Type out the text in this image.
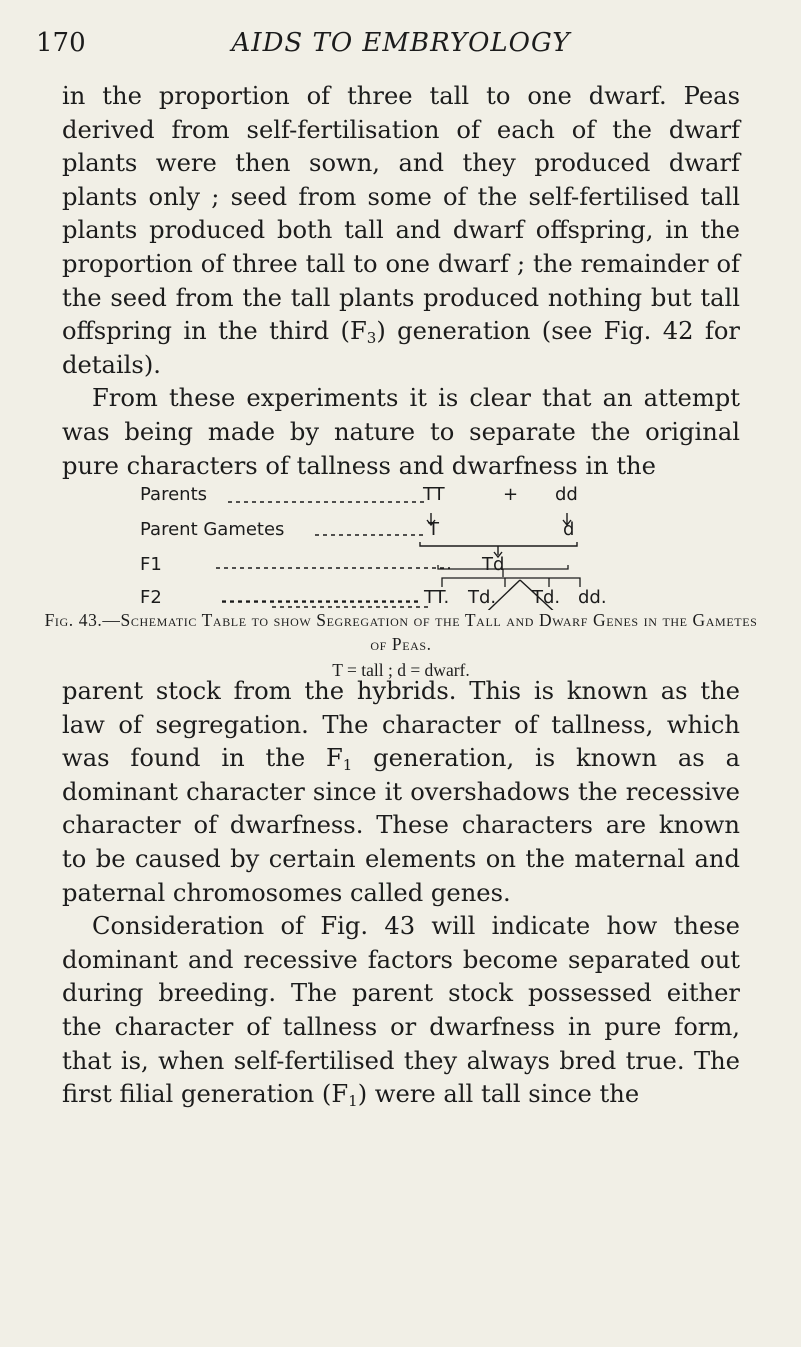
AIDS TO EMBRYOLOGY
170

in the proportion of three tall to one dwarf. Peas derived from self-fertilisation of each of the dwarf plants were then sown, and they produced dwarf plants only ; seed from some of the self-fertilised tall plants produced both tall and dwarf offspring, in the proportion of three tall to one dwarf ; the remainder of the seed from the tall plants produced nothing but tall offspring in the third $(F_3)$ generation (see Fig. 42 for details).

From these experiments it is clear that an attempt was being made by nature to separate the original pure characters of tallness and dwarfness in the

Parents	TT	+ dd
Parent Gametes	T	d
F1	Td
F2	TT. Td. Td. dd.
Fig. 43.—Schematic Table to show Segregation of the Tall and Dwarf Genes in the Gametes of Peas.
T = tall ; d = dwarf.

parent stock from the hybrids. This is known as the law of segregation. The character of tallness, which was found in the $F_1$ generation, is known as a dominant character since it overshadows the recessive character of dwarfness. These characters are known to be caused by certain elements on the maternal and paternal chromosomes called genes.

Consideration of Fig. 43 will indicate how these dominant and recessive factors become separated out during breeding. The parent stock possessed either the character of tallness or dwarfness in pure form, that is, when self-fertilised they always bred true. The first filial generation $(F_1)$ were all tall since the
